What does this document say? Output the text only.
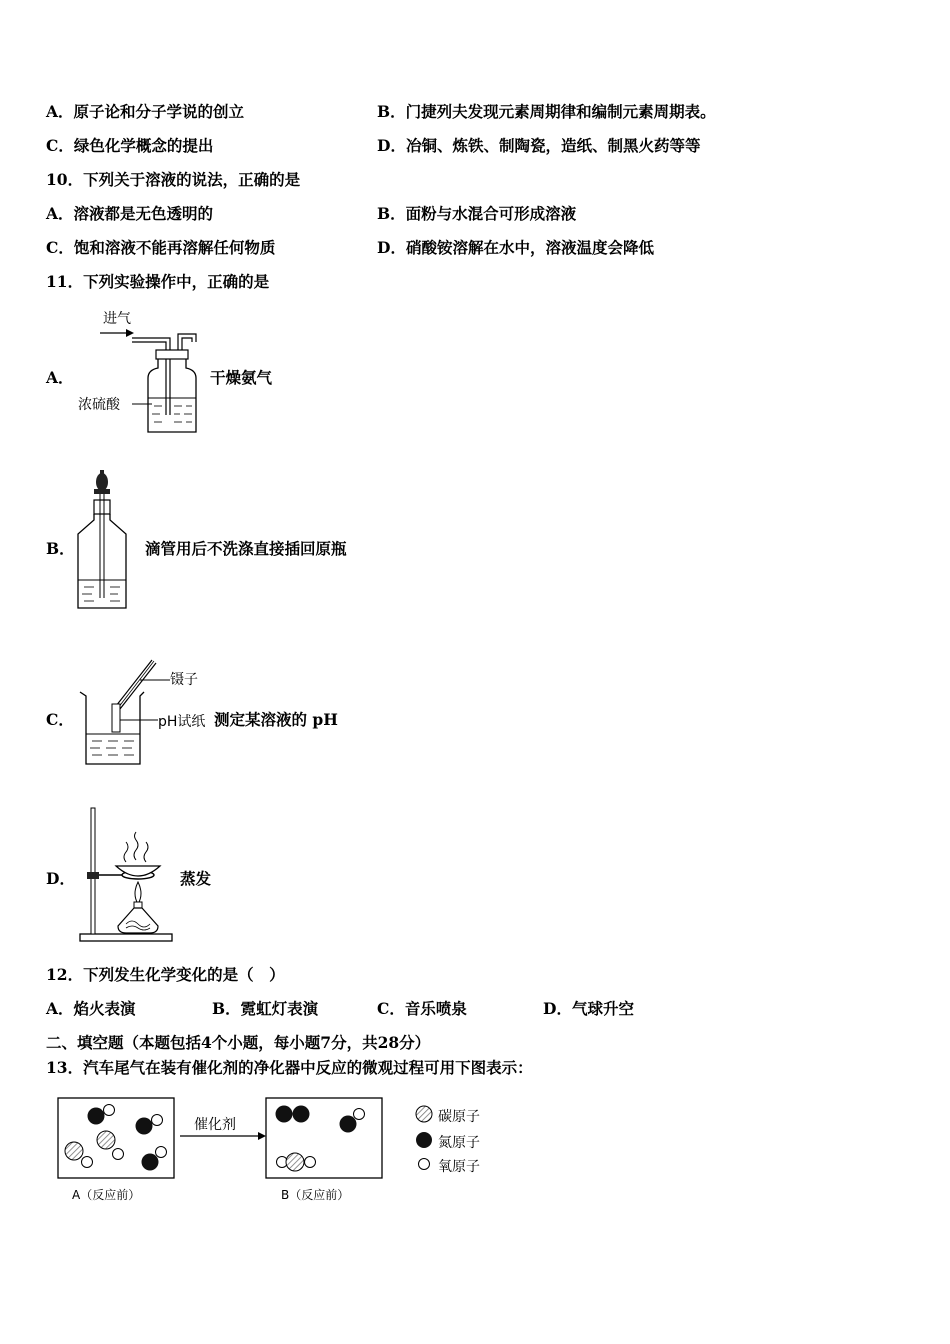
A．原子论和分子学说的创立	B．门捷列夫发现元素周期律和编制元素周期表。
C．绿色化学概念的提出	D．冶铜、炼铁、制陶瓷，造纸、制黑火药等等
10．下列关于溶液的说法，正确的是
A．溶液都是无色透明的	B．面粉与水混合可形成溶液
C．饱和溶液不能再溶解任何物质	D．硝酸铵溶解在水中，溶液温度会降低
11．下列实验操作中，正确的是
A．
进气
浓硫酸
干燥氨气
B．	滴管用后不洗涤直接插回原瓶
C．
镊子
pH试纸 测定某溶液的 pH
D．	蒸发
12．下列发生化学变化的是（　）
A．焰火表演	B．霓虹灯表演	C．音乐喷泉	D．气球升空
二、填空题（本题包括4个小题，每小题7分，共28分）
13．汽车尾气在装有催化剂的净化器中反应的微观过程可用下图表示：
催化剂
A（反应前）	B（反应前）
碳原子
氮原子
氧原子
